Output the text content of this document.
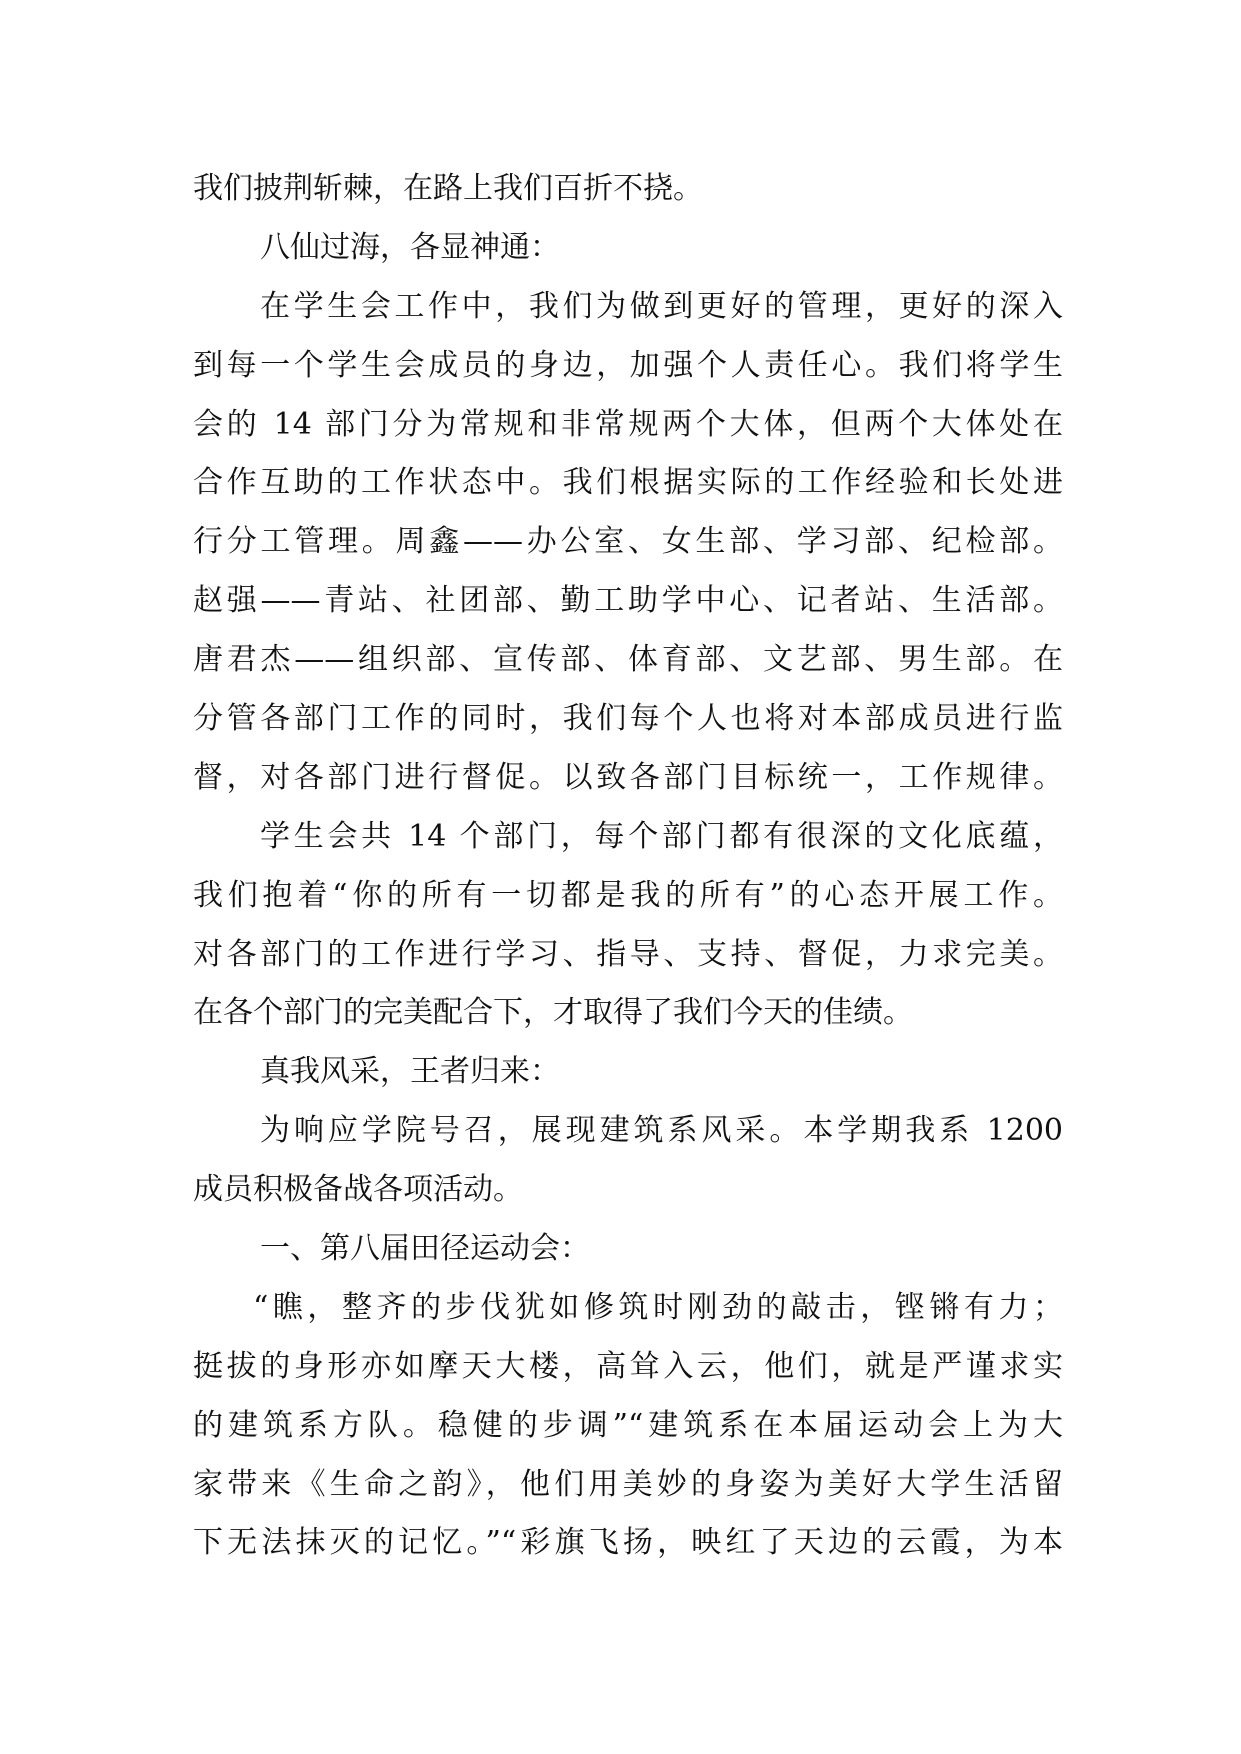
我们披荆斩棘，在路上我们百折不挠。
八仙过海，各显神通：
在学生会工作中，我们为做到更好的管理，更好的深入
到每一个学生会成员的身边，加强个人责任心。我们将学生
会的 14 部门分为常规和非常规两个大体，但两个大体处在
合作互助的工作状态中。我们根据实际的工作经验和长处进
行分工管理。周鑫——办公室、女生部、学习部、纪检部。
赵强——青站、社团部、勤工助学中心、记者站、生活部。
唐君杰——组织部、宣传部、体育部、文艺部、男生部。在
分管各部门工作的同时，我们每个人也将对本部成员进行监
督，对各部门进行督促。以致各部门目标统一，工作规律。
学生会共 14 个部门，每个部门都有很深的文化底蕴，
我们抱着“你的所有一切都是我的所有”的心态开展工作。
对各部门的工作进行学习、指导、支持、督促，力求完美。
在各个部门的完美配合下，才取得了我们今天的佳绩。
真我风采，王者归来：
为响应学院号召，展现建筑系风采。本学期我系 1200
成员积极备战各项活动。
一、第八届田径运动会：
“瞧，整齐的步伐犹如修筑时刚劲的敲击，铿锵有力；
挺拔的身形亦如摩天大楼，高耸入云，他们，就是严谨求实
的建筑系方队。稳健的步调”“建筑系在本届运动会上为大
家带来《生命之韵》，他们用美妙的身姿为美好大学生活留
下无法抹灭的记忆。”“彩旗飞扬，映红了天边的云霞，为本
